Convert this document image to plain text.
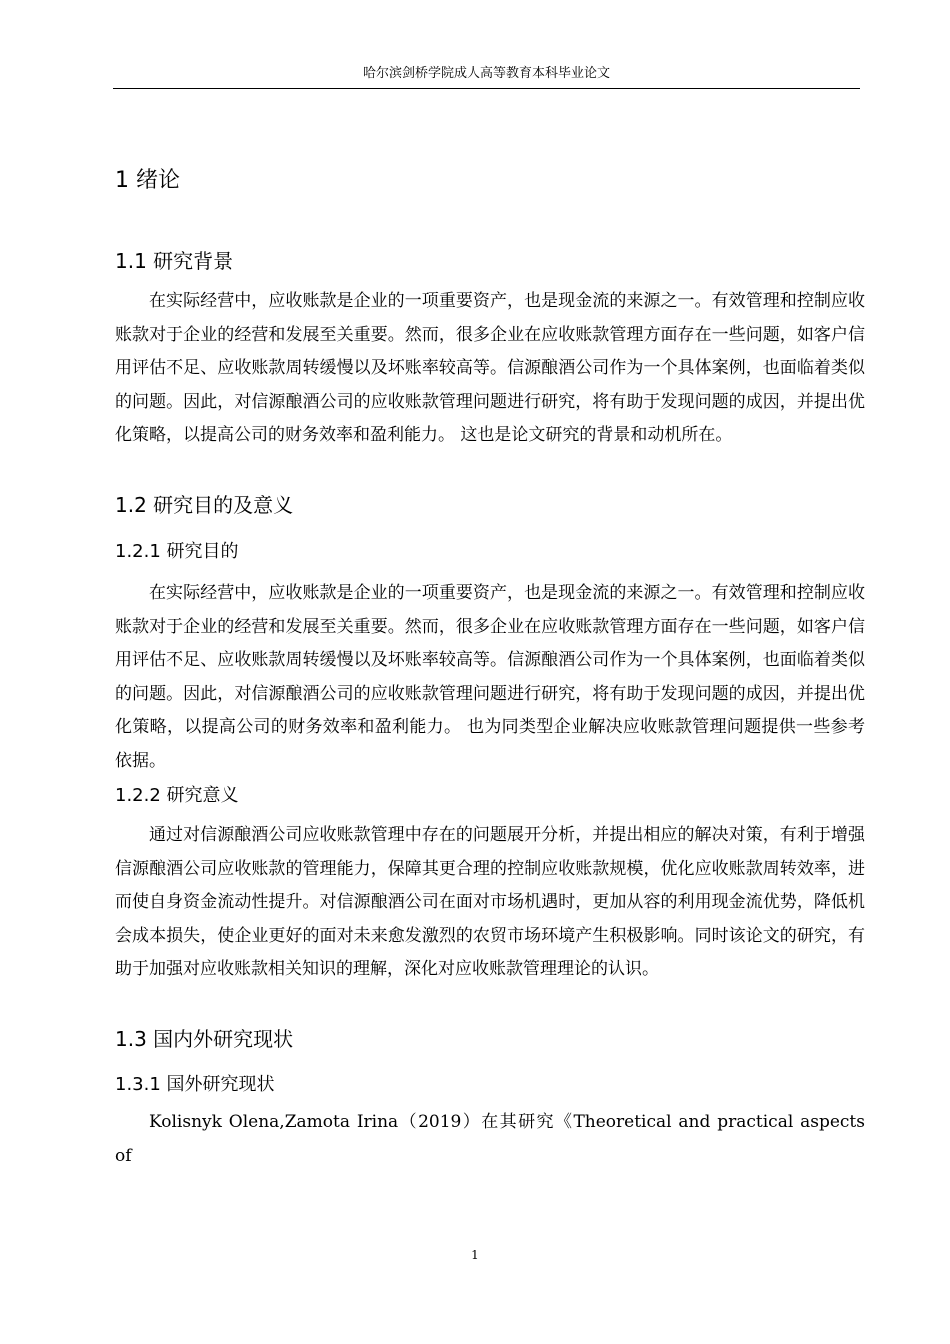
哈尔滨剑桥学院成人高等教育本科毕业论文
1 绪论
1.1 研究背景
在实际经营中，应收账款是企业的一项重要资产，也是现金流的来源之一。有效管理和控制应收账款对于企业的经营和发展至关重要。然而，很多企业在应收账款管理方面存在一些问题，如客户信用评估不足、应收账款周转缓慢以及坏账率较高等。信源酿酒公司作为一个具体案例，也面临着类似的问题。因此，对信源酿酒公司的应收账款管理问题进行研究，将有助于发现问题的成因，并提出优化策略，以提高公司的财务效率和盈利能力。 这也是论文研究的背景和动机所在。
1.2 研究目的及意义
1.2.1 研究目的
在实际经营中，应收账款是企业的一项重要资产，也是现金流的来源之一。有效管理和控制应收账款对于企业的经营和发展至关重要。然而，很多企业在应收账款管理方面存在一些问题，如客户信用评估不足、应收账款周转缓慢以及坏账率较高等。信源酿酒公司作为一个具体案例，也面临着类似的问题。因此，对信源酿酒公司的应收账款管理问题进行研究，将有助于发现问题的成因，并提出优化策略，以提高公司的财务效率和盈利能力。 也为同类型企业解决应收账款管理问题提供一些参考依据。
1.2.2 研究意义
通过对信源酿酒公司应收账款管理中存在的问题展开分析，并提出相应的解决对策，有利于增强信源酿酒公司应收账款的管理能力，保障其更合理的控制应收账款规模，优化应收账款周转效率，进而使自身资金流动性提升。对信源酿酒公司在面对市场机遇时，更加从容的利用现金流优势，降低机会成本损失，使企业更好的面对未来愈发激烈的农贸市场环境产生积极影响。同时该论文的研究，有助于加强对应收账款相关知识的理解，深化对应收账款管理理论的认识。
1.3 国内外研究现状
1.3.1 国外研究现状
Kolisnyk Olena,Zamota Irina（2019）在其研究《Theoretical and practical aspects of
1
